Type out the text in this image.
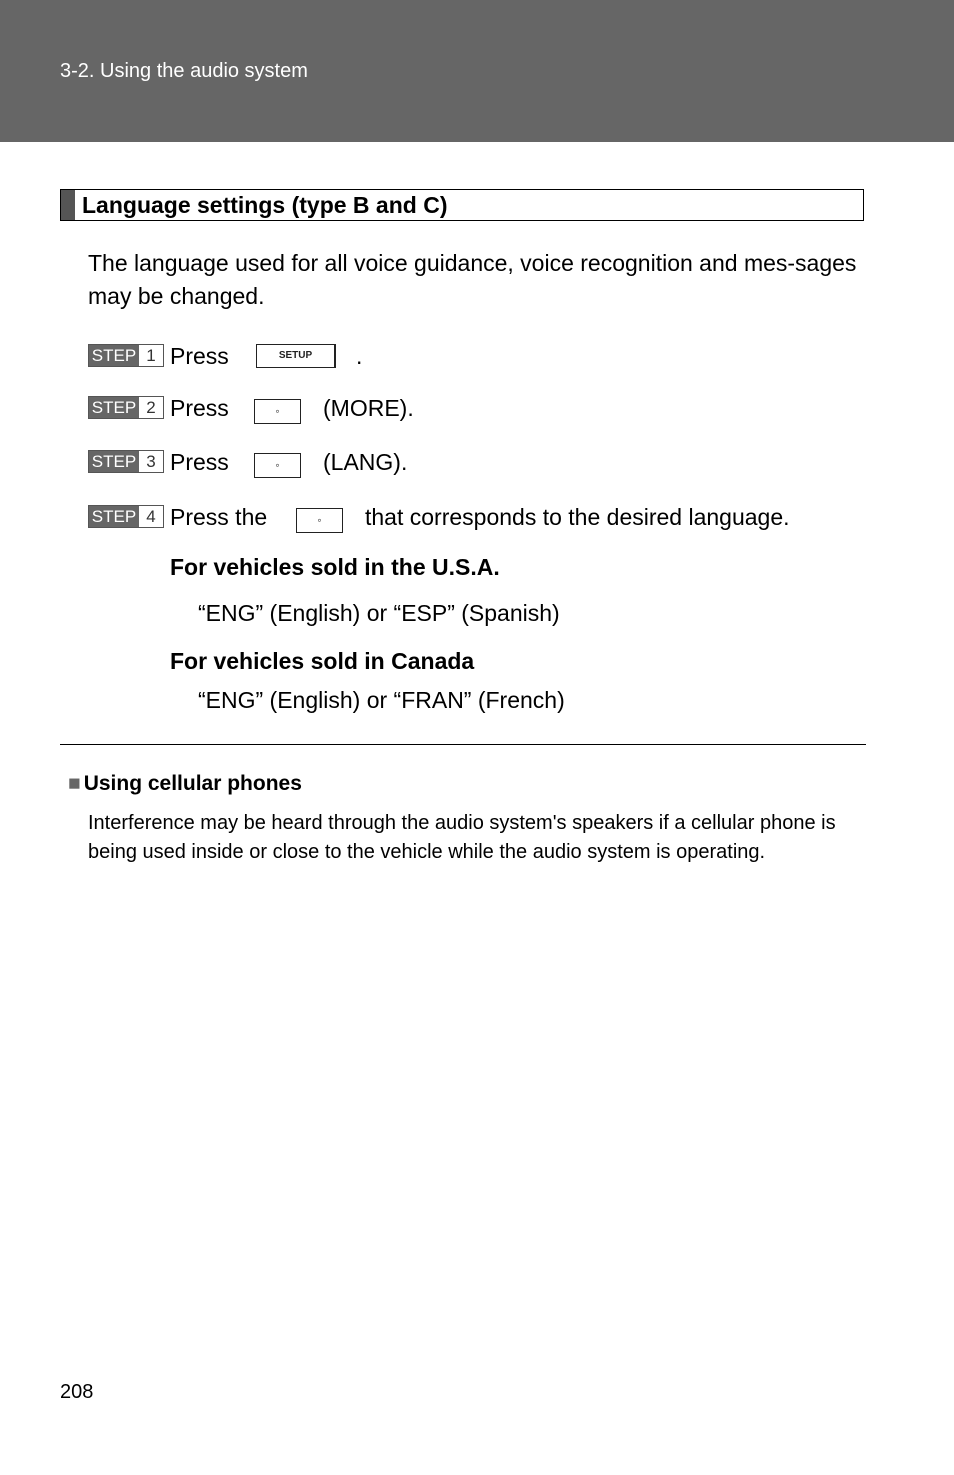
3-2. Using the audio system
Language settings (type B and C)
The language used for all voice guidance, voice recognition and mes-sages may be changed.
STEP 1 Press	SETUP	.
STEP 2 Press	◦	(MORE).
STEP 3 Press	◦	(LANG).
STEP 4 Press the	◦	that corresponds to the desired language.
For vehicles sold in the U.S.A.
“ENG” (English) or “ESP” (Spanish)
For vehicles sold in Canada
“ENG” (English) or “FRAN” (French)
■ Using cellular phones
Interference may be heard through the audio system's speakers if a cellular phone is being used inside or close to the vehicle while the audio system is operating.
208
